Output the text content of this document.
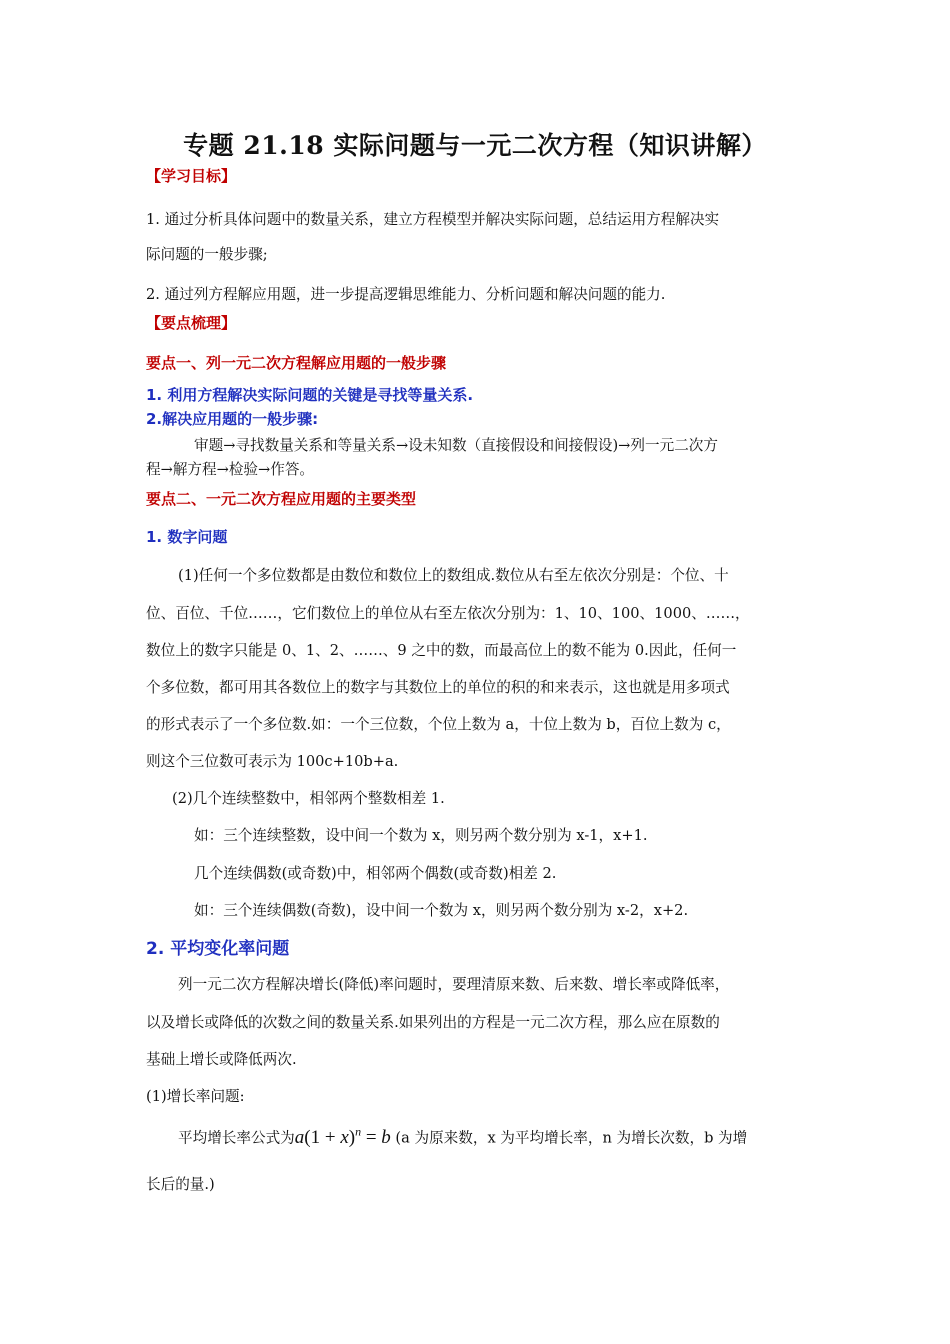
专题 21.18 实际问题与一元二次方程（知识讲解）
【学习目标】
1. 通过分析具体问题中的数量关系，建立方程模型并解决实际问题，总结运用方程解决实
际问题的一般步骤;
2. 通过列方程解应用题，进一步提高逻辑思维能力、分析问题和解决问题的能力.
【要点梳理】
要点一、列一元二次方程解应用题的一般步骤
1. 利用方程解决实际问题的关键是寻找等量关系.
2.解决应用题的一般步骤:
审题→寻找数量关系和等量关系→设未知数（直接假设和间接假设)→列一元二次方
程→解方程→检验→作答。
要点二、一元二次方程应用题的主要类型
1. 数字问题
(1)任何一个多位数都是由数位和数位上的数组成.数位从右至左依次分别是：个位、十
位、百位、千位……，它们数位上的单位从右至左依次分别为：1、10、100、1000、……，
数位上的数字只能是 0、1、2、……、9 之中的数，而最高位上的数不能为 0.因此，任何一
个多位数，都可用其各数位上的数字与其数位上的单位的积的和来表示，这也就是用多项式
的形式表示了一个多位数.如：一个三位数，个位上数为 a，十位上数为 b，百位上数为 c，
则这个三位数可表示为 100c+10b+a.
(2)几个连续整数中，相邻两个整数相差 1.
如：三个连续整数，设中间一个数为 x，则另两个数分别为 x-1，x+1.
几个连续偶数(或奇数)中，相邻两个偶数(或奇数)相差 2.
如：三个连续偶数(奇数)，设中间一个数为 x，则另两个数分别为 x-2，x+2.
2. 平均变化率问题
列一元二次方程解决增长(降低)率问题时，要理清原来数、后来数、增长率或降低率，
以及增长或降低的次数之间的数量关系.如果列出的方程是一元二次方程，那么应在原数的
基础上增长或降低两次.
(1)增长率问题:
平均增长率公式为$a(1 + x)^n = b$ (a 为原来数，x 为平均增长率，n 为增长次数，b 为增
长后的量.)
